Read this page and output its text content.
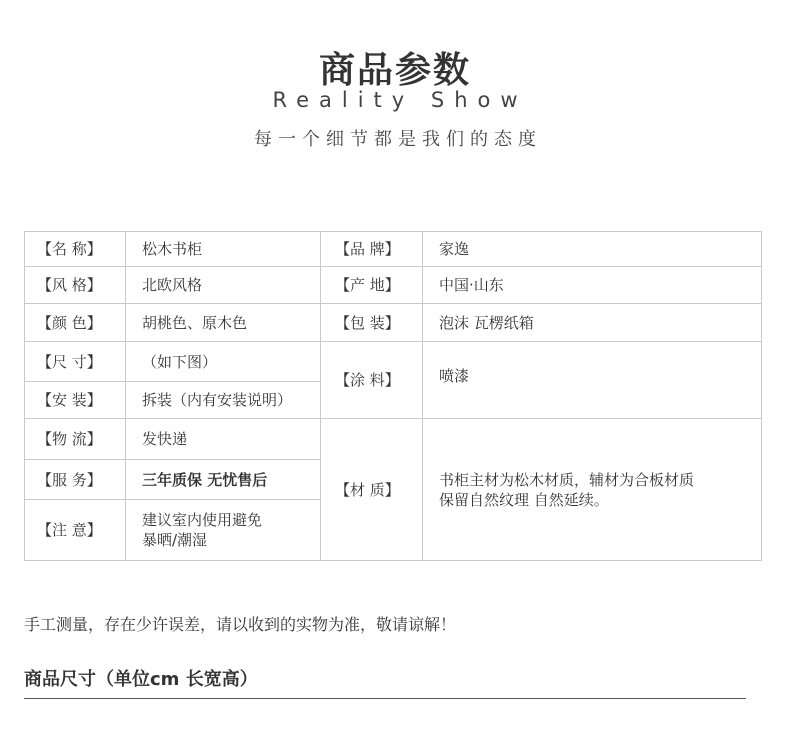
商品参数
Reality Show
每一个细节都是我们的态度
【名 称】	松木书柜	【品 牌】	家逸
【风 格】	北欧风格	【产 地】	中国·山东
【颜 色】	胡桃色、原木色	【包 装】	泡沫 瓦楞纸箱
【尺 寸】	（如下图）	【涂 料】	喷漆
【安 装】	拆装（内有安装说明）		
【物 流】	发快递	【材 质】	书柜主材为松木材质，辅材为合板材质
保留自然纹理 自然延续。

【服 务】	三年质保 无忧售后		
【注 意】	建议室内使用避免
暴晒/潮湿		
手工测量，存在少许误差，请以收到的实物为准，敬请谅解！
商品尺寸（单位cm 长宽高）
